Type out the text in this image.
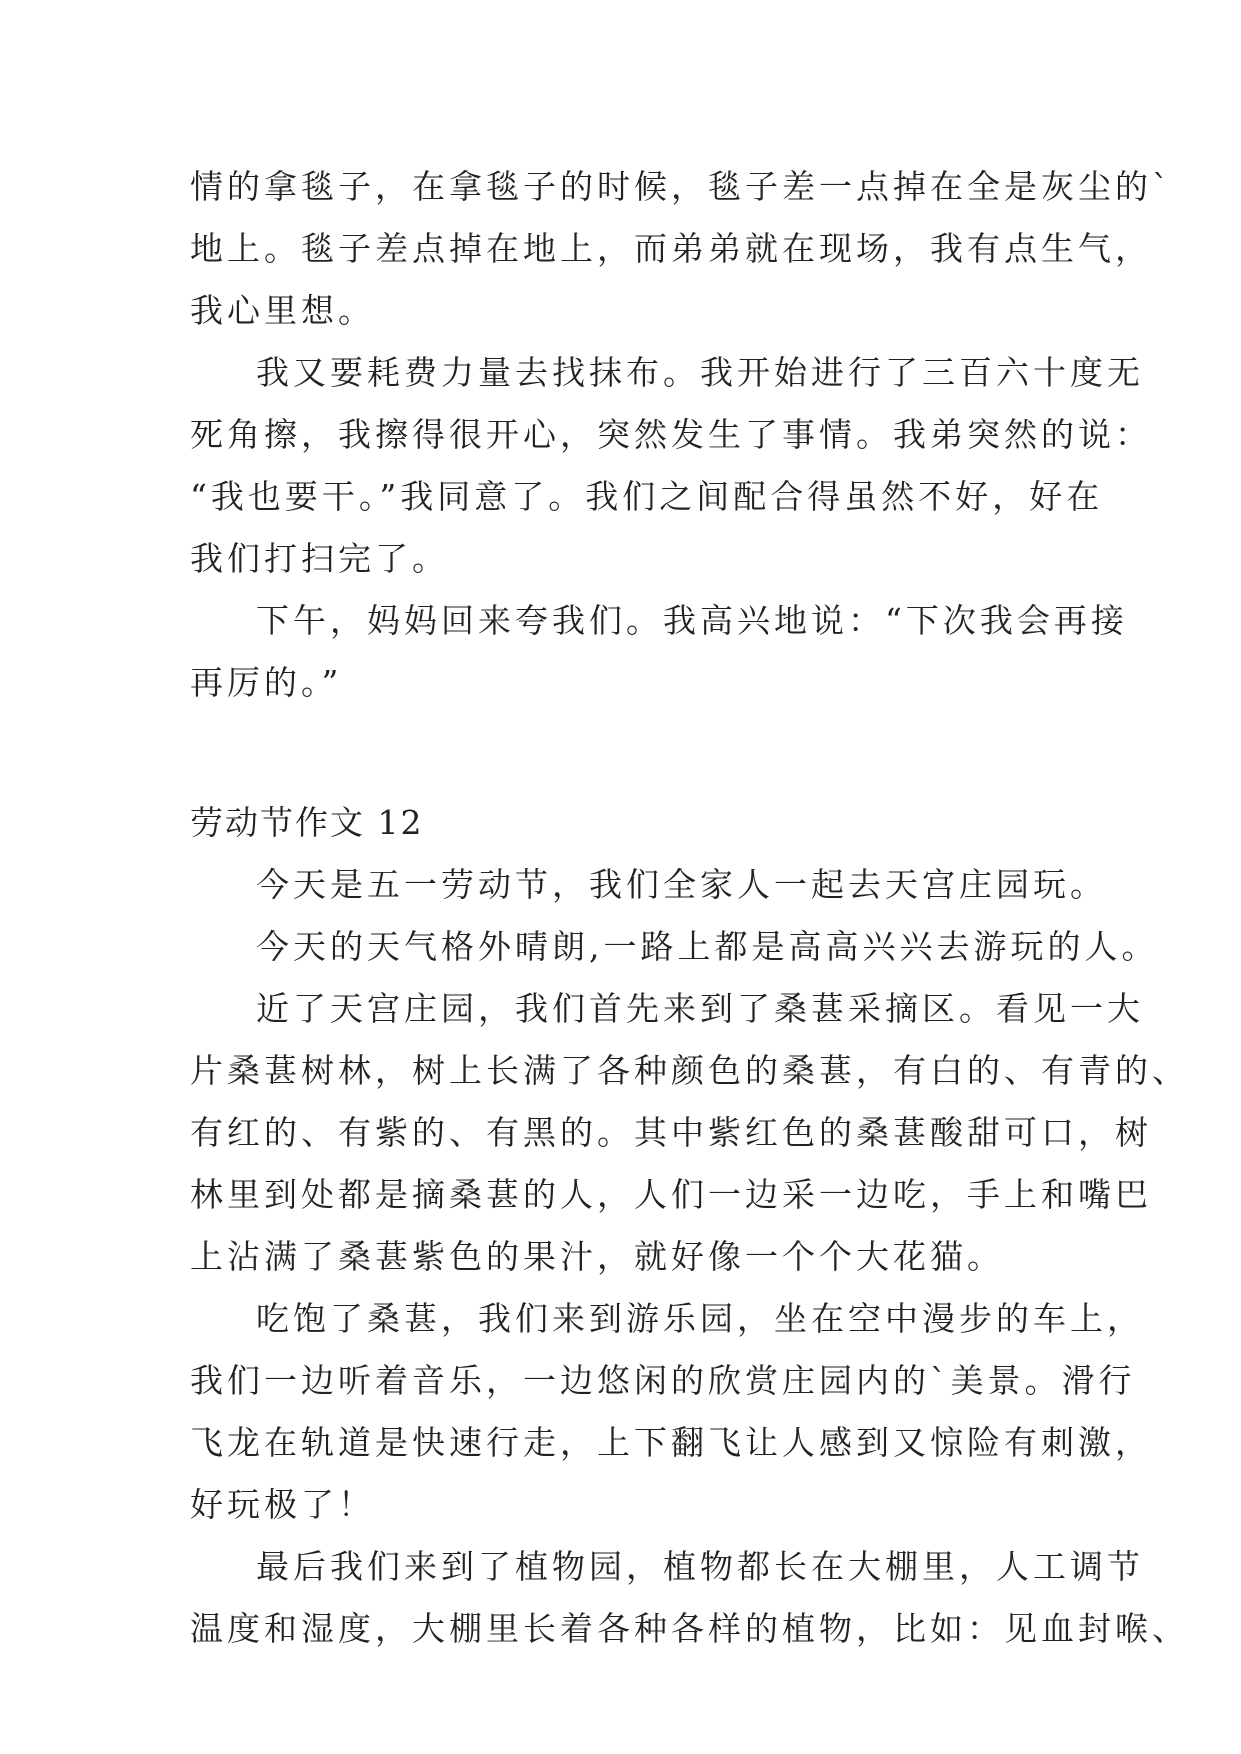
情的拿毯子，在拿毯子的时候，毯子差一点掉在全是灰尘的`
地上。毯子差点掉在地上，而弟弟就在现场，我有点生气，
我心里想。
我又要耗费力量去找抹布。我开始进行了三百六十度无
死角擦，我擦得很开心，突然发生了事情。我弟突然的说：
“我也要干。”我同意了。我们之间配合得虽然不好，好在
我们打扫完了。
下午，妈妈回来夸我们。我高兴地说：“下次我会再接
再厉的。”
劳动节作文 12
今天是五一劳动节，我们全家人一起去天宫庄园玩。
今天的天气格外晴朗,一路上都是高高兴兴去游玩的人。
近了天宫庄园，我们首先来到了桑葚采摘区。看见一大
片桑葚树林，树上长满了各种颜色的桑葚，有白的、有青的、
有红的、有紫的、有黑的。其中紫红色的桑葚酸甜可口，树
林里到处都是摘桑葚的人，人们一边采一边吃，手上和嘴巴
上沾满了桑葚紫色的果汁，就好像一个个大花猫。
吃饱了桑葚，我们来到游乐园，坐在空中漫步的车上，
我们一边听着音乐，一边悠闲的欣赏庄园内的`美景。滑行
飞龙在轨道是快速行走，上下翻飞让人感到又惊险有刺激，
好玩极了！
最后我们来到了植物园，植物都长在大棚里，人工调节
温度和湿度，大棚里长着各种各样的植物，比如：见血封喉、
